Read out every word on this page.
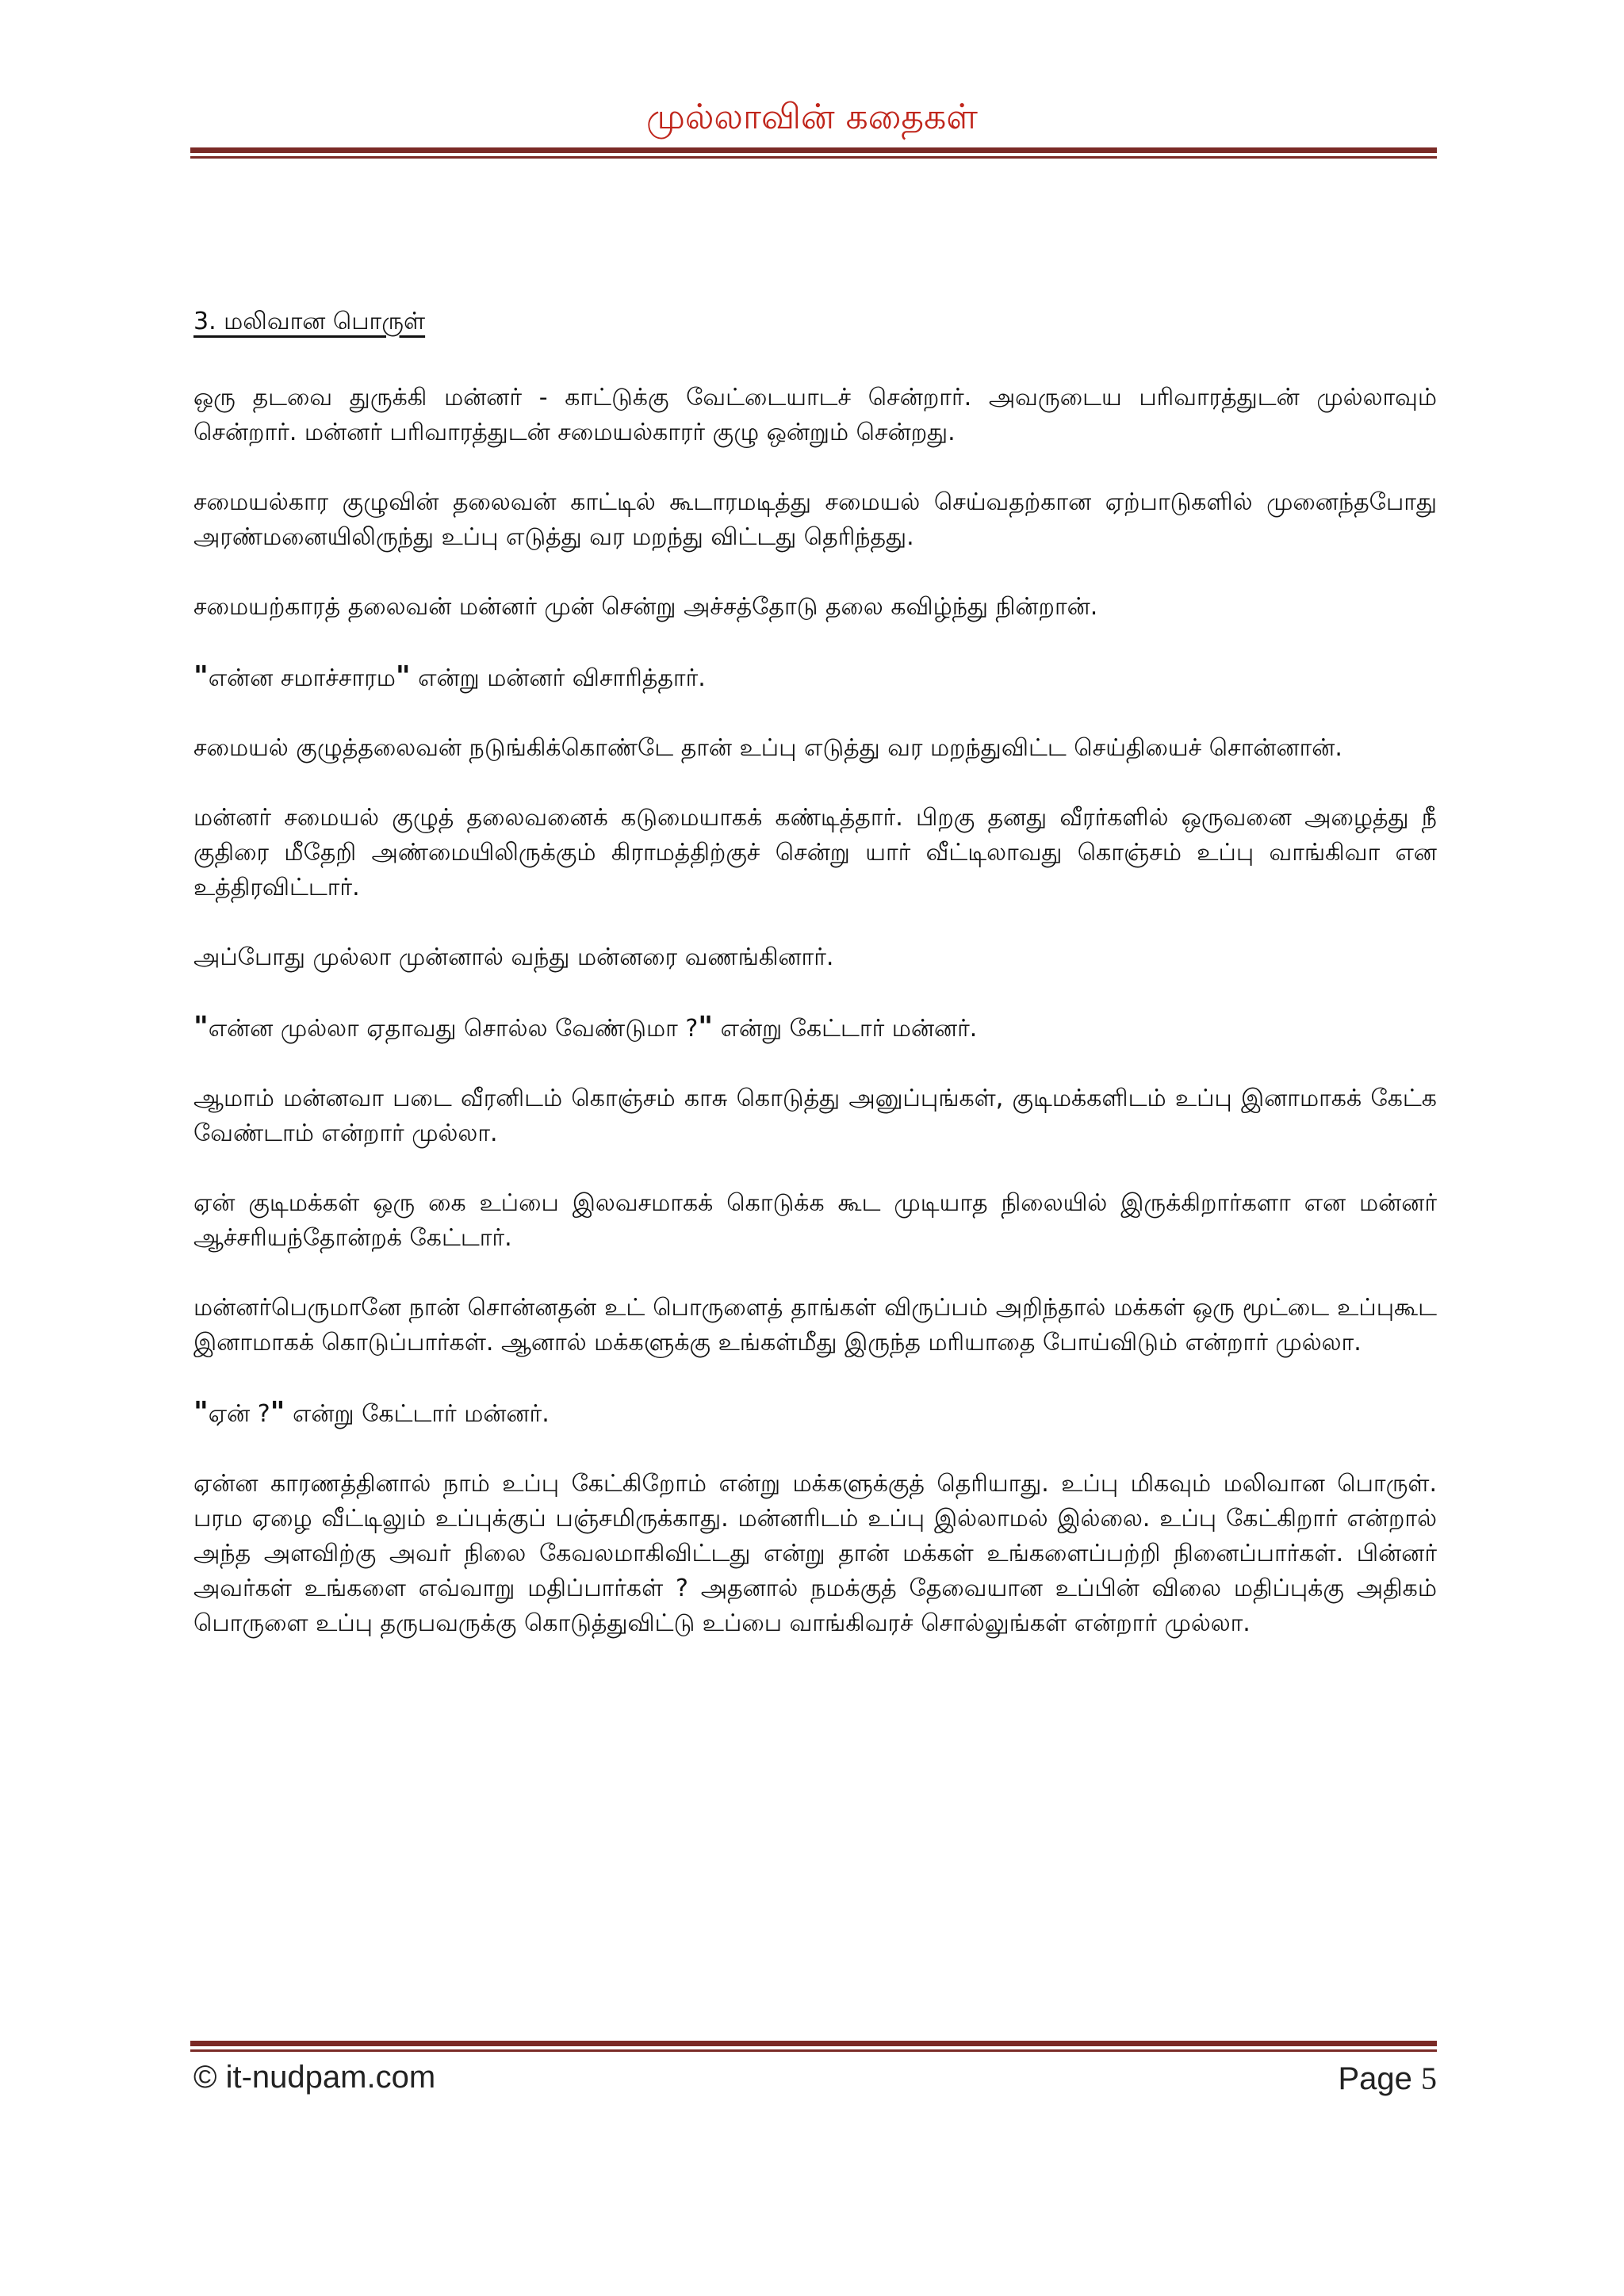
முல்லாவின் கதைகள்
3. மலிவான பொருள்

ஒரு தடவை துருக்கி மன்னர் - காட்டுக்கு வேட்டையாடச் சென்றார். அவருடைய பரிவாரத்துடன் முல்லாவும் சென்றார். மன்னர் பரிவாரத்துடன் சமையல்காரர் குழு ஒன்றும் சென்றது.

சமையல்கார குழுவின் தலைவன் காட்டில் கூடாரமடித்து சமையல் செய்வதற்கான ஏற்பாடுகளில் முனைந்தபோது அரண்மனையிலிருந்து உப்பு எடுத்து வர மறந்து விட்டது தெரிந்தது.

சமையற்காரத் தலைவன் மன்னர் முன் சென்று அச்சத்தோடு தலை கவிழ்ந்து நின்றான்.

"என்ன சமாச்சாரம" என்று மன்னர் விசாரித்தார்.

சமையல் குழுத்தலைவன் நடுங்கிக்கொண்டே தான் உப்பு எடுத்து வர மறந்துவிட்ட செய்தியைச் சொன்னான்.

மன்னர் சமையல் குழுத் தலைவனைக் கடுமையாகக் கண்டித்தார். பிறகு தனது வீரர்களில் ஒருவனை அழைத்து நீ குதிரை மீதேறி அண்மையிலிருக்கும் கிராமத்திற்குச் சென்று யார் வீட்டிலாவது கொஞ்சம் உப்பு வாங்கிவா என உத்திரவிட்டார்.

அப்போது முல்லா முன்னால் வந்து மன்னரை வணங்கினார்.

"என்ன முல்லா ஏதாவது சொல்ல வேண்டுமா ?" என்று கேட்டார் மன்னர்.

ஆமாம் மன்னவா படை வீரனிடம் கொஞ்சம் காசு கொடுத்து அனுப்புங்கள், குடிமக்களிடம் உப்பு இனாமாகக் கேட்க வேண்டாம் என்றார் முல்லா.

ஏன் குடிமக்கள் ஒரு கை உப்பை இலவசமாகக் கொடுக்க கூட முடியாத நிலையில் இருக்கிறார்களா என மன்னர் ஆச்சரியந்தோன்றக் கேட்டார்.

மன்னர்பெருமானே நான் சொன்னதன் உட் பொருளைத் தாங்கள் விருப்பம் அறிந்தால் மக்கள் ஒரு மூட்டை உப்புகூட இனாமாகக் கொடுப்பார்கள். ஆனால் மக்களுக்கு உங்கள்மீது இருந்த மரியாதை போய்விடும் என்றார் முல்லா.

"ஏன் ?" என்று கேட்டார் மன்னர்.

ஏன்ன காரணத்தினால் நாம் உப்பு கேட்கிறோம் என்று மக்களுக்குத் தெரியாது. உப்பு மிகவும் மலிவான பொருள். பரம ஏழை வீட்டிலும் உப்புக்குப் பஞ்சமிருக்காது. மன்னரிடம் உப்பு இல்லாமல் இல்லை. உப்பு கேட்கிறார் என்றால் அந்த அளவிற்கு அவர் நிலை கேவலமாகிவிட்டது என்று தான் மக்கள் உங்களைப்பற்றி நினைப்பார்கள். பின்னர் அவர்கள் உங்களை எவ்வாறு மதிப்பார்கள் ? அதனால் நமக்குத் தேவையான உப்பின் விலை மதிப்புக்கு அதிகம் பொருளை உப்பு தருபவருக்கு கொடுத்துவிட்டு உப்பை வாங்கிவரச் சொல்லுங்கள் என்றார் முல்லா.

© it-nudpam.com	Page 5
